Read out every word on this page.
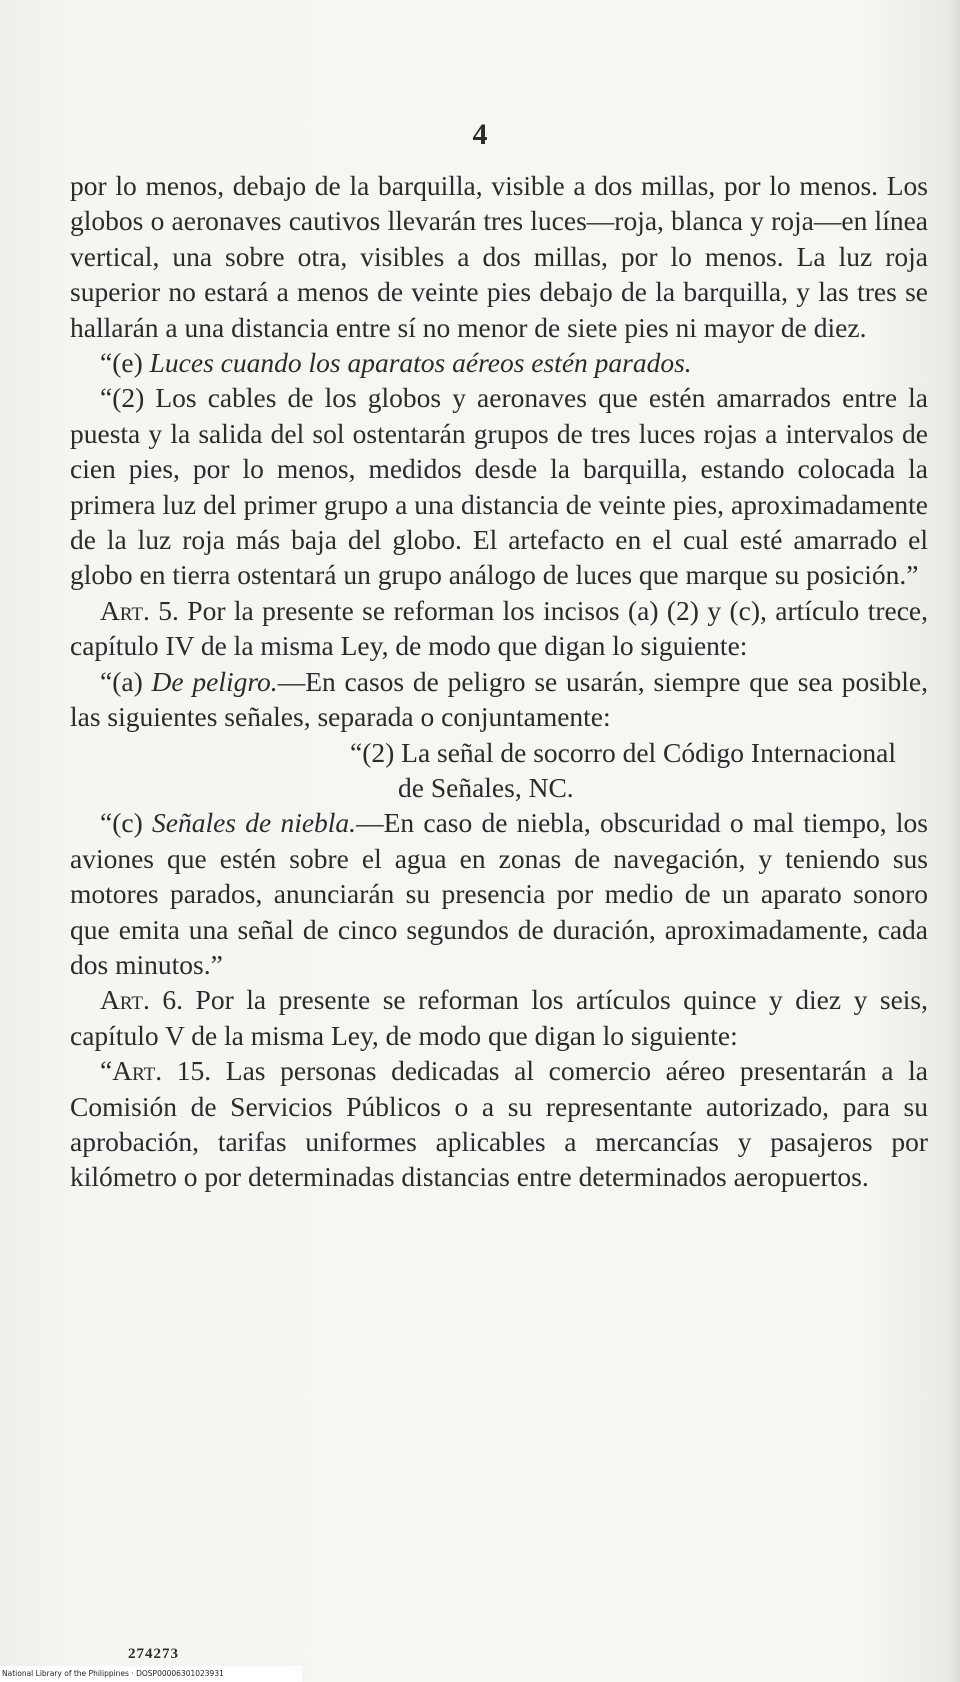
4

por lo menos, debajo de la barquilla, visible a dos millas, por lo menos. Los globos o aeronaves cautivos llevarán tres luces—roja, blanca y roja—en línea vertical, una sobre otra, visibles a dos millas, por lo menos. La luz roja superior no estará a menos de veinte pies debajo de la barquilla, y las tres se hallarán a una distancia entre sí no menor de siete pies ni mayor de diez.

“(e) Luces cuando los aparatos aéreos estén parados.

“(2) Los cables de los globos y aeronaves que estén amarrados entre la puesta y la salida del sol ostentarán grupos de tres luces rojas a intervalos de cien pies, por lo menos, medidos desde la barquilla, estando colocada la primera luz del primer grupo a una distancia de veinte pies, aproximadamente de la luz roja más baja del globo. El artefacto en el cual esté amarrado el globo en tierra ostentará un grupo análogo de luces que marque su posición.”

Art. 5. Por la presente se reforman los incisos (a) (2) y (c), artículo trece, capítulo IV de la misma Ley, de modo que digan lo siguiente:

“(a) De peligro.—En casos de peligro se usarán, siempre que sea posible, las siguientes señales, separada o conjuntamente:

“(2) La señal de socorro del Código Internacional de Señales, NC.

“(c) Señales de niebla.—En caso de niebla, obscuridad o mal tiempo, los aviones que estén sobre el agua en zonas de navegación, y teniendo sus motores parados, anunciarán su presencia por medio de un aparato sonoro que emita una señal de cinco segundos de duración, aproximadamente, cada dos minutos.”

Art. 6. Por la presente se reforman los artículos quince y diez y seis, capítulo V de la misma Ley, de modo que digan lo siguiente:

“Art. 15. Las personas dedicadas al comercio aéreo presentarán a la Comisión de Servicios Públicos o a su representante autorizado, para su aprobación, tarifas uniformes aplicables a mercancías y pasajeros por kilómetro o por determinadas distancias entre determinados aeropuertos.

274273
National Library of the Philippines · DOSP00006301023931
